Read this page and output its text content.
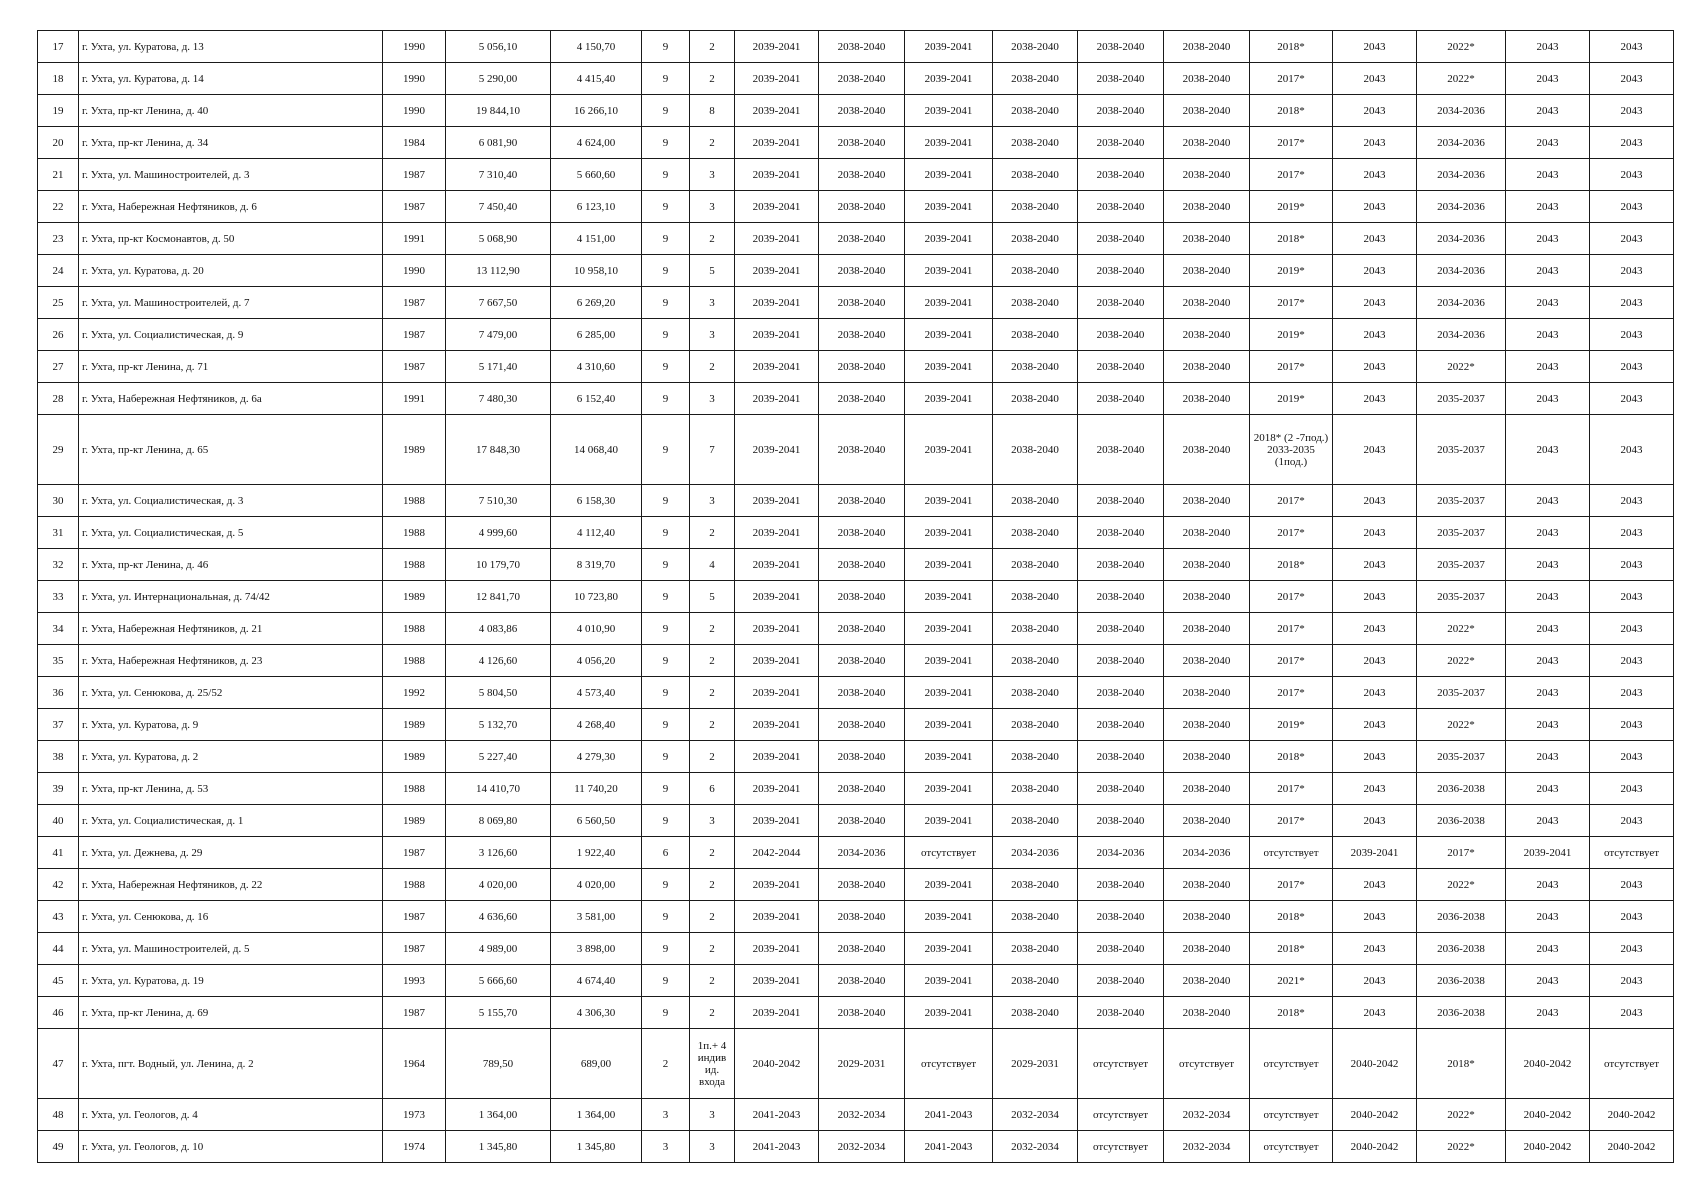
17	г. Ухта, ул. Куратова, д. 13	1990	5 056,10	4 150,70	9	2	2039-2041	2038-2040	2039-2041	2038-2040	2038-2040	2038-2040	2018*	2043	2022*	2043	2043
18	г. Ухта, ул. Куратова, д. 14	1990	5 290,00	4 415,40	9	2	2039-2041	2038-2040	2039-2041	2038-2040	2038-2040	2038-2040	2017*	2043	2022*	2043	2043
19	г. Ухта, пр-кт Ленина, д. 40	1990	19 844,10	16 266,10	9	8	2039-2041	2038-2040	2039-2041	2038-2040	2038-2040	2038-2040	2018*	2043	2034-2036	2043	2043
20	г. Ухта, пр-кт Ленина, д. 34	1984	6 081,90	4 624,00	9	2	2039-2041	2038-2040	2039-2041	2038-2040	2038-2040	2038-2040	2017*	2043	2034-2036	2043	2043
21	г. Ухта, ул. Машиностроителей, д. 3	1987	7 310,40	5 660,60	9	3	2039-2041	2038-2040	2039-2041	2038-2040	2038-2040	2038-2040	2017*	2043	2034-2036	2043	2043
22	г. Ухта, Набережная Нефтяников, д. 6	1987	7 450,40	6 123,10	9	3	2039-2041	2038-2040	2039-2041	2038-2040	2038-2040	2038-2040	2019*	2043	2034-2036	2043	2043
23	г. Ухта, пр-кт Космонавтов, д. 50	1991	5 068,90	4 151,00	9	2	2039-2041	2038-2040	2039-2041	2038-2040	2038-2040	2038-2040	2018*	2043	2034-2036	2043	2043
24	г. Ухта, ул. Куратова, д. 20	1990	13 112,90	10 958,10	9	5	2039-2041	2038-2040	2039-2041	2038-2040	2038-2040	2038-2040	2019*	2043	2034-2036	2043	2043
25	г. Ухта, ул. Машиностроителей, д. 7	1987	7 667,50	6 269,20	9	3	2039-2041	2038-2040	2039-2041	2038-2040	2038-2040	2038-2040	2017*	2043	2034-2036	2043	2043
26	г. Ухта, ул. Социалистическая, д. 9	1987	7 479,00	6 285,00	9	3	2039-2041	2038-2040	2039-2041	2038-2040	2038-2040	2038-2040	2019*	2043	2034-2036	2043	2043
27	г. Ухта, пр-кт Ленина, д. 71	1987	5 171,40	4 310,60	9	2	2039-2041	2038-2040	2039-2041	2038-2040	2038-2040	2038-2040	2017*	2043	2022*	2043	2043
28	г. Ухта, Набережная Нефтяников, д. 6а	1991	7 480,30	6 152,40	9	3	2039-2041	2038-2040	2039-2041	2038-2040	2038-2040	2038-2040	2019*	2043	2035-2037	2043	2043
29	г. Ухта, пр-кт Ленина, д. 65	1989	17 848,30	14 068,40	9	7	2039-2041	2038-2040	2039-2041	2038-2040	2038-2040	2038-2040	2018* (2 -7под.) 2033-2035 (1под.)	2043	2035-2037	2043	2043
30	г. Ухта, ул. Социалистическая, д. 3	1988	7 510,30	6 158,30	9	3	2039-2041	2038-2040	2039-2041	2038-2040	2038-2040	2038-2040	2017*	2043	2035-2037	2043	2043
31	г. Ухта, ул. Социалистическая, д. 5	1988	4 999,60	4 112,40	9	2	2039-2041	2038-2040	2039-2041	2038-2040	2038-2040	2038-2040	2017*	2043	2035-2037	2043	2043
32	г. Ухта, пр-кт Ленина, д. 46	1988	10 179,70	8 319,70	9	4	2039-2041	2038-2040	2039-2041	2038-2040	2038-2040	2038-2040	2018*	2043	2035-2037	2043	2043
33	г. Ухта, ул. Интернациональная, д. 74/42	1989	12 841,70	10 723,80	9	5	2039-2041	2038-2040	2039-2041	2038-2040	2038-2040	2038-2040	2017*	2043	2035-2037	2043	2043
34	г. Ухта, Набережная Нефтяников, д. 21	1988	4 083,86	4 010,90	9	2	2039-2041	2038-2040	2039-2041	2038-2040	2038-2040	2038-2040	2017*	2043	2022*	2043	2043
35	г. Ухта, Набережная Нефтяников, д. 23	1988	4 126,60	4 056,20	9	2	2039-2041	2038-2040	2039-2041	2038-2040	2038-2040	2038-2040	2017*	2043	2022*	2043	2043
36	г. Ухта, ул. Сенюкова, д. 25/52	1992	5 804,50	4 573,40	9	2	2039-2041	2038-2040	2039-2041	2038-2040	2038-2040	2038-2040	2017*	2043	2035-2037	2043	2043
37	г. Ухта, ул. Куратова, д. 9	1989	5 132,70	4 268,40	9	2	2039-2041	2038-2040	2039-2041	2038-2040	2038-2040	2038-2040	2019*	2043	2022*	2043	2043
38	г. Ухта, ул. Куратова, д. 2	1989	5 227,40	4 279,30	9	2	2039-2041	2038-2040	2039-2041	2038-2040	2038-2040	2038-2040	2018*	2043	2035-2037	2043	2043
39	г. Ухта, пр-кт Ленина, д. 53	1988	14 410,70	11 740,20	9	6	2039-2041	2038-2040	2039-2041	2038-2040	2038-2040	2038-2040	2017*	2043	2036-2038	2043	2043
40	г. Ухта, ул. Социалистическая, д. 1	1989	8 069,80	6 560,50	9	3	2039-2041	2038-2040	2039-2041	2038-2040	2038-2040	2038-2040	2017*	2043	2036-2038	2043	2043
41	г. Ухта, ул. Дежнева, д. 29	1987	3 126,60	1 922,40	6	2	2042-2044	2034-2036	отсутствует	2034-2036	2034-2036	2034-2036	отсутствует	2039-2041	2017*	2039-2041	отсутствует
42	г. Ухта, Набережная Нефтяников, д. 22	1988	4 020,00	4 020,00	9	2	2039-2041	2038-2040	2039-2041	2038-2040	2038-2040	2038-2040	2017*	2043	2022*	2043	2043
43	г. Ухта, ул. Сенюкова, д. 16	1987	4 636,60	3 581,00	9	2	2039-2041	2038-2040	2039-2041	2038-2040	2038-2040	2038-2040	2018*	2043	2036-2038	2043	2043
44	г. Ухта, ул. Машиностроителей, д. 5	1987	4 989,00	3 898,00	9	2	2039-2041	2038-2040	2039-2041	2038-2040	2038-2040	2038-2040	2018*	2043	2036-2038	2043	2043
45	г. Ухта, ул. Куратова, д. 19	1993	5 666,60	4 674,40	9	2	2039-2041	2038-2040	2039-2041	2038-2040	2038-2040	2038-2040	2021*	2043	2036-2038	2043	2043
46	г. Ухта, пр-кт Ленина, д. 69	1987	5 155,70	4 306,30	9	2	2039-2041	2038-2040	2039-2041	2038-2040	2038-2040	2038-2040	2018*	2043	2036-2038	2043	2043
47	г. Ухта, пгт. Водный, ул. Ленина, д. 2	1964	789,50	689,00	2	1п.+ 4 индив ид. входа	2040-2042	2029-2031	отсутствует	2029-2031	отсутствует	отсутствует	отсутствует	2040-2042	2018*	2040-2042	отсутствует
48	г. Ухта, ул. Геологов, д. 4	1973	1 364,00	1 364,00	3	3	2041-2043	2032-2034	2041-2043	2032-2034	отсутствует	2032-2034	отсутствует	2040-2042	2022*	2040-2042	2040-2042
49	г. Ухта, ул. Геологов, д. 10	1974	1 345,80	1 345,80	3	3	2041-2043	2032-2034	2041-2043	2032-2034	отсутствует	2032-2034	отсутствует	2040-2042	2022*	2040-2042	2040-2042
